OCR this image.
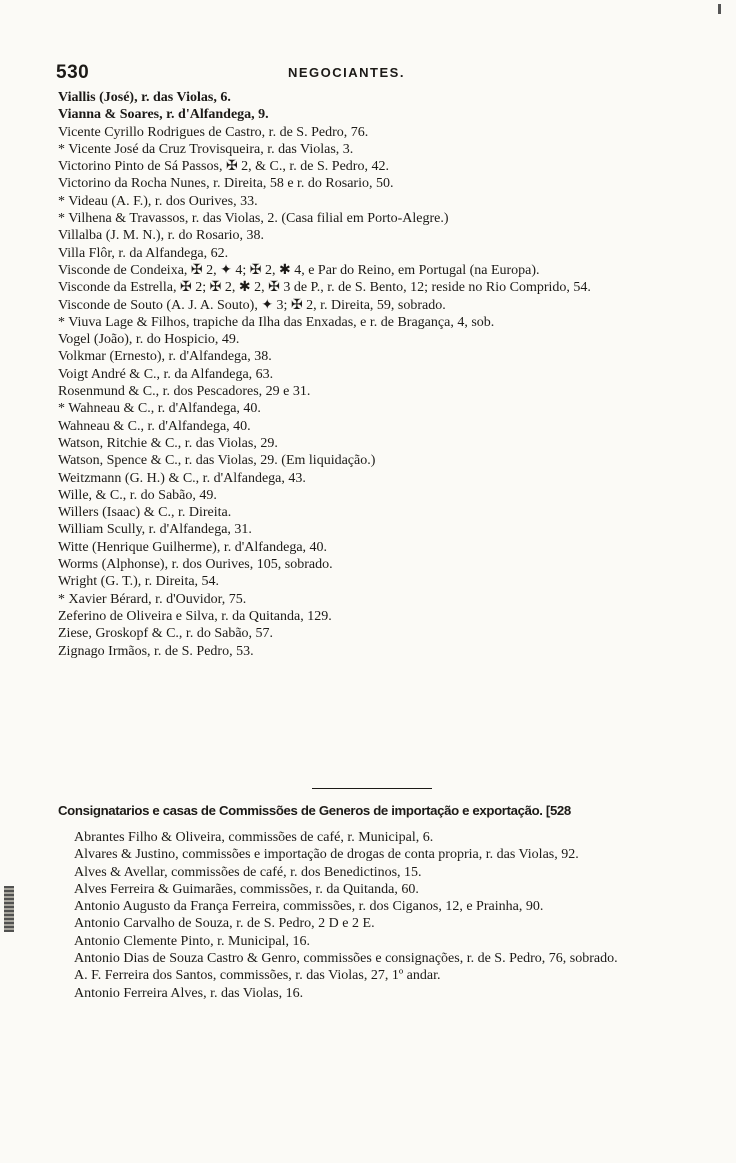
530	NEGOCIANTES.
Viallis (José), r. das Violas, 6.
Vianna & Soares, r. d'Alfandega, 9.
Vicente Cyrillo Rodrigues de Castro, r. de S. Pedro, 76.
* Vicente José da Cruz Trovisqueira, r. das Violas, 3.
Victorino Pinto de Sá Passos, ✠ 2, & C., r. de S. Pedro, 42.
Victorino da Rocha Nunes, r. Direita, 58 e r. do Rosario, 50.
* Videau (A. F.), r. dos Ourives, 33.
* Vilhena & Travassos, r. das Violas, 2. (Casa filial em Porto-Alegre.)
Villalba (J. M. N.), r. do Rosario, 38.
Villa Flôr, r. da Alfandega, 62.
Visconde de Condeixa, ✠ 2, ✦ 4; ✠ 2, ✱ 4, e Par do Reino, em Portugal (na Europa).
Visconde da Estrella, ✠ 2; ✠ 2, ✱ 2, ✠ 3 de P., r. de S. Bento, 12; reside no Rio Comprido, 54.
Visconde de Souto (A. J. A. Souto), ✦ 3; ✠ 2, r. Direita, 59, sobrado.
* Viuva Lage & Filhos, trapiche da Ilha das Enxadas, e r. de Bragança, 4, sob.
Vogel (João), r. do Hospicio, 49.
Volkmar (Ernesto), r. d'Alfandega, 38.
Voigt André & C., r. da Alfandega, 63.
Rosenmund & C., r. dos Pescadores, 29 e 31.
* Wahneau & C., r. d'Alfandega, 40.
Wahneau & C., r. d'Alfandega, 40.
Watson, Ritchie & C., r. das Violas, 29.
Watson, Spence & C., r. das Violas, 29. (Em liquidação.)
Weitzmann (G. H.) & C., r. d'Alfandega, 43.
Wille, & C., r. do Sabão, 49.
Willers (Isaac) & C., r. Direita.
William Scully, r. d'Alfandega, 31.
Witte (Henrique Guilherme), r. d'Alfandega, 40.
Worms (Alphonse), r. dos Ourives, 105, sobrado.
Wright (G. T.), r. Direita, 54.
* Xavier Bérard, r. d'Ouvidor, 75.
Zeferino de Oliveira e Silva, r. da Quitanda, 129.
Ziese, Groskopf & C., r. do Sabão, 57.
Zignago Irmãos, r. de S. Pedro, 53.
Consignatarios e casas de Commissões de Generos de importação e exportação. [528
Abrantes Filho & Oliveira, commissões de café, r. Municipal, 6.
Alvares & Justino, commissões e importação de drogas de conta propria, r. das Violas, 92.
Alves & Avellar, commissões de café, r. dos Benedictinos, 15.
Alves Ferreira & Guimarães, commissões, r. da Quitanda, 60.
Antonio Augusto da França Ferreira, commissões, r. dos Ciganos, 12, e Prainha, 90.
Antonio Carvalho de Souza, r. de S. Pedro, 2 D e 2 E.
Antonio Clemente Pinto, r. Municipal, 16.
Antonio Dias de Souza Castro & Genro, commissões e consignações, r. de S. Pedro, 76, sobrado.
A. F. Ferreira dos Santos, commissões, r. das Violas, 27, 1º andar.
Antonio Ferreira Alves, r. das Violas, 16.
